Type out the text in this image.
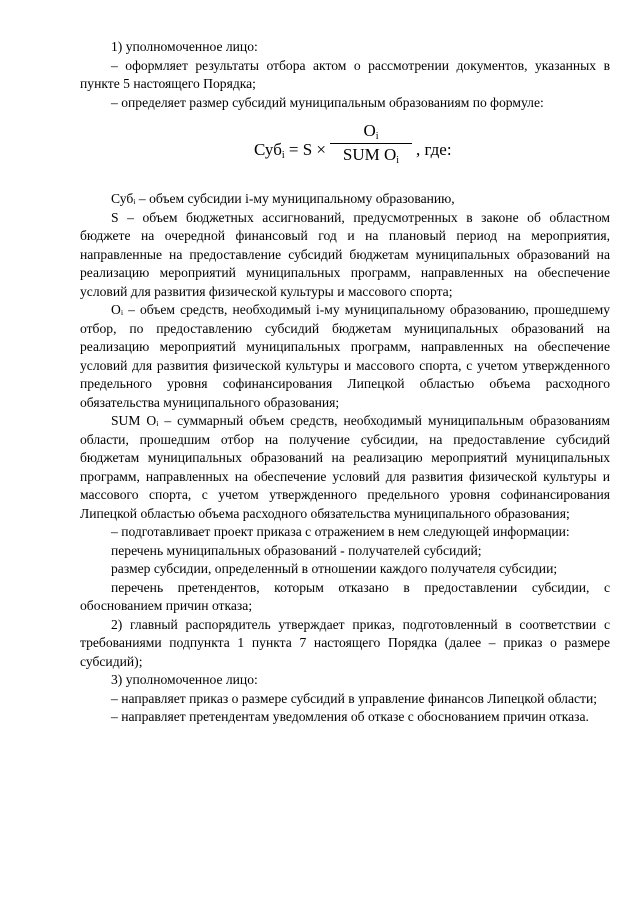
1) уполномоченное лицо:

– оформляет результаты отбора актом о рассмотрении документов, указанных в пункте 5 настоящего Порядка;

– определяет размер субсидий муниципальным образованиям по формуле:

Суб$_i$ = S ×
$O_i$
SUM $O_i$
, где:

Субᵢ – объем субсидии i-му муниципальному образованию,

S – объем бюджетных ассигнований, предусмотренных в законе об областном бюджете на очередной финансовый год и на плановый период на мероприятия, направленные на предоставление субсидий бюджетам муниципальных образований на реализацию мероприятий муниципальных программ, направленных на обеспечение условий для развития физической культуры и массового спорта;

Oᵢ – объем средств, необходимый i-му муниципальному образованию, прошедшему отбор, по предоставлению субсидий бюджетам муниципальных образований на реализацию мероприятий муниципальных программ, направленных на обеспечение условий для развития физической культуры и массового спорта, с учетом утвержденного предельного уровня софинансирования Липецкой областью объема расходного обязательства муниципального образования;

SUM Oᵢ – суммарный объем средств, необходимый муниципальным образованиям области, прошедшим отбор на получение субсидии, на предоставление субсидий бюджетам муниципальных образований на реализацию мероприятий муниципальных программ, направленных на обеспечение условий для развития физической культуры и массового спорта, с учетом утвержденного предельного уровня софинансирования Липецкой областью объема расходного обязательства муниципального образования;

– подготавливает проект приказа с отражением в нем следующей информации:

перечень муниципальных образований - получателей субсидий;

размер субсидии, определенный в отношении каждого получателя субсидии;

перечень претендентов, которым отказано в предоставлении субсидии, с обоснованием причин отказа;

2) главный распорядитель утверждает приказ, подготовленный в соответствии с требованиями подпункта 1 пункта 7 настоящего Порядка (далее – приказ о размере субсидий);

3) уполномоченное лицо:

– направляет приказ о размере субсидий в управление финансов Липецкой области;

– направляет претендентам уведомления об отказе с обоснованием причин отказа.
